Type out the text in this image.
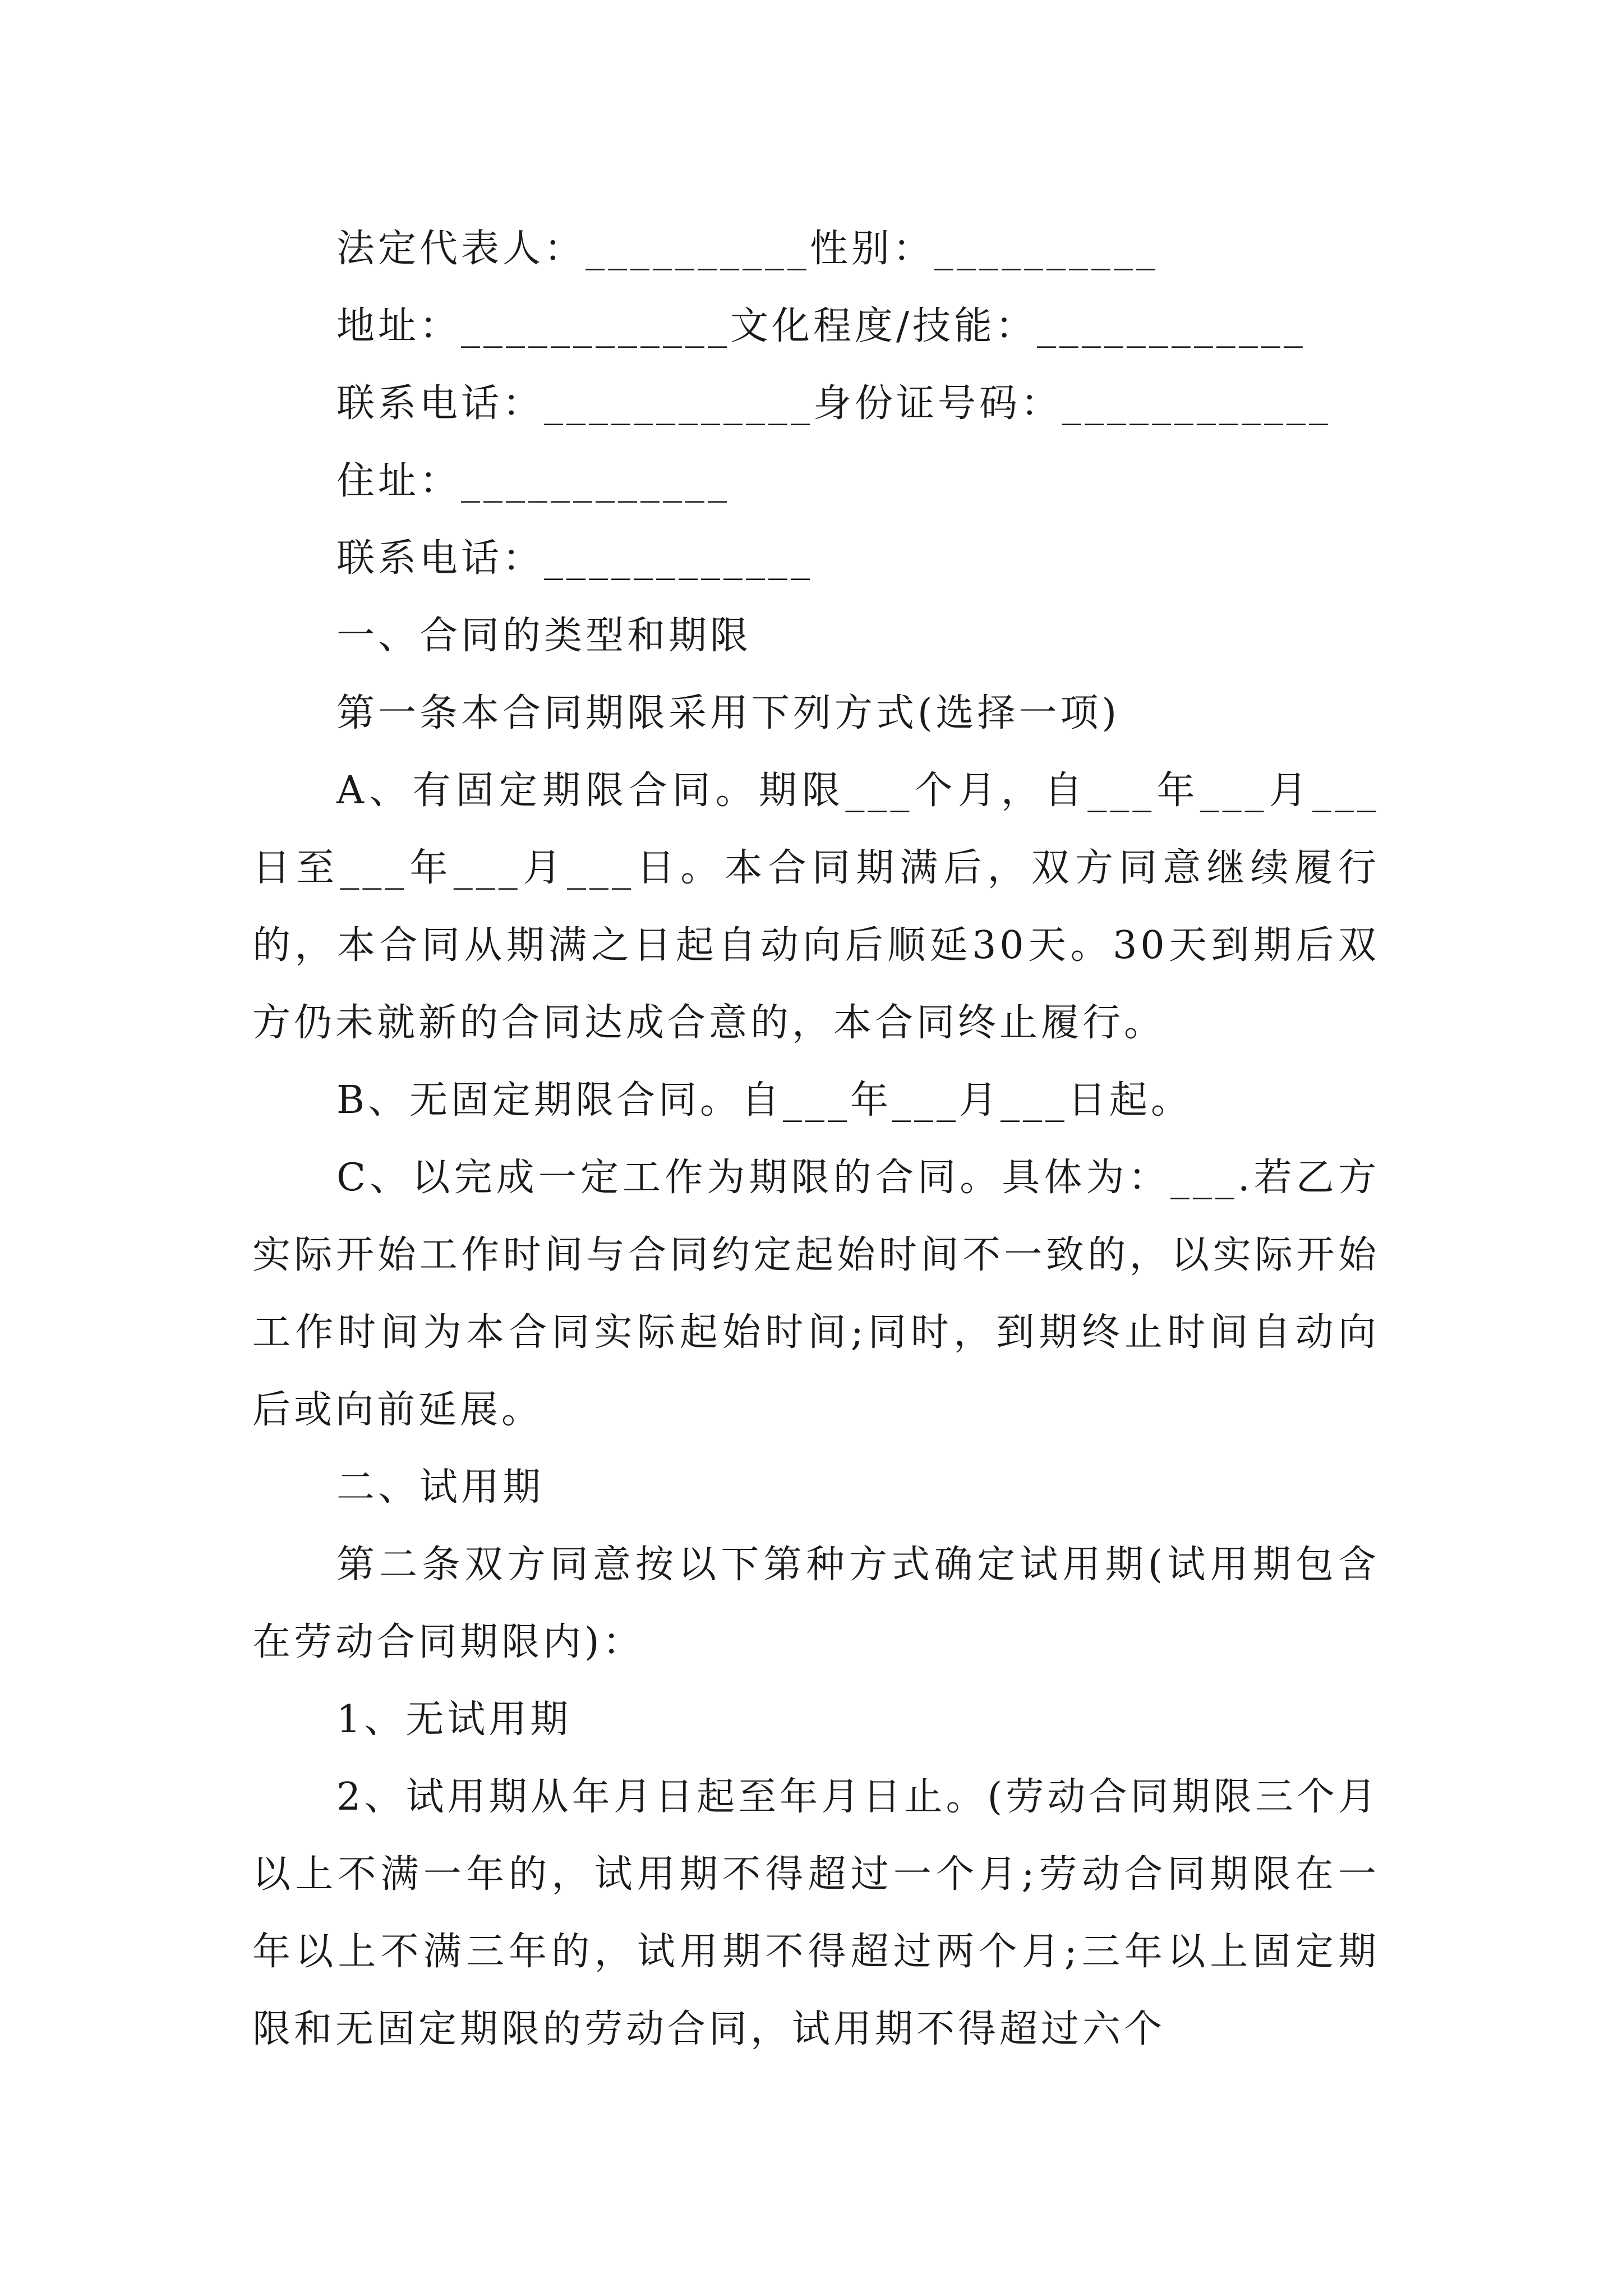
法定代表人：__________性别：__________
地址：____________文化程度/技能：____________
联系电话：____________身份证号码：____________
住址：____________
联系电话：____________
一、合同的类型和期限
第一条本合同期限采用下列方式(选择一项)
A、有固定期限合同。期限___个月，自___年___月___日至___年___月___日。本合同期满后，双方同意继续履行的，本合同从期满之日起自动向后顺延30天。30天到期后双方仍未就新的合同达成合意的，本合同终止履行。
B、无固定期限合同。自___年___月___日起。
C、以完成一定工作为期限的合同。具体为：___.若乙方实际开始工作时间与合同约定起始时间不一致的，以实际开始工作时间为本合同实际起始时间;同时，到期终止时间自动向后或向前延展。
二、试用期
第二条双方同意按以下第种方式确定试用期(试用期包含在劳动合同期限内)：
1、无试用期
2、试用期从年月日起至年月日止。(劳动合同期限三个月以上不满一年的，试用期不得超过一个月;劳动合同期限在一年以上不满三年的，试用期不得超过两个月;三年以上固定期限和无固定期限的劳动合同，试用期不得超过六个
